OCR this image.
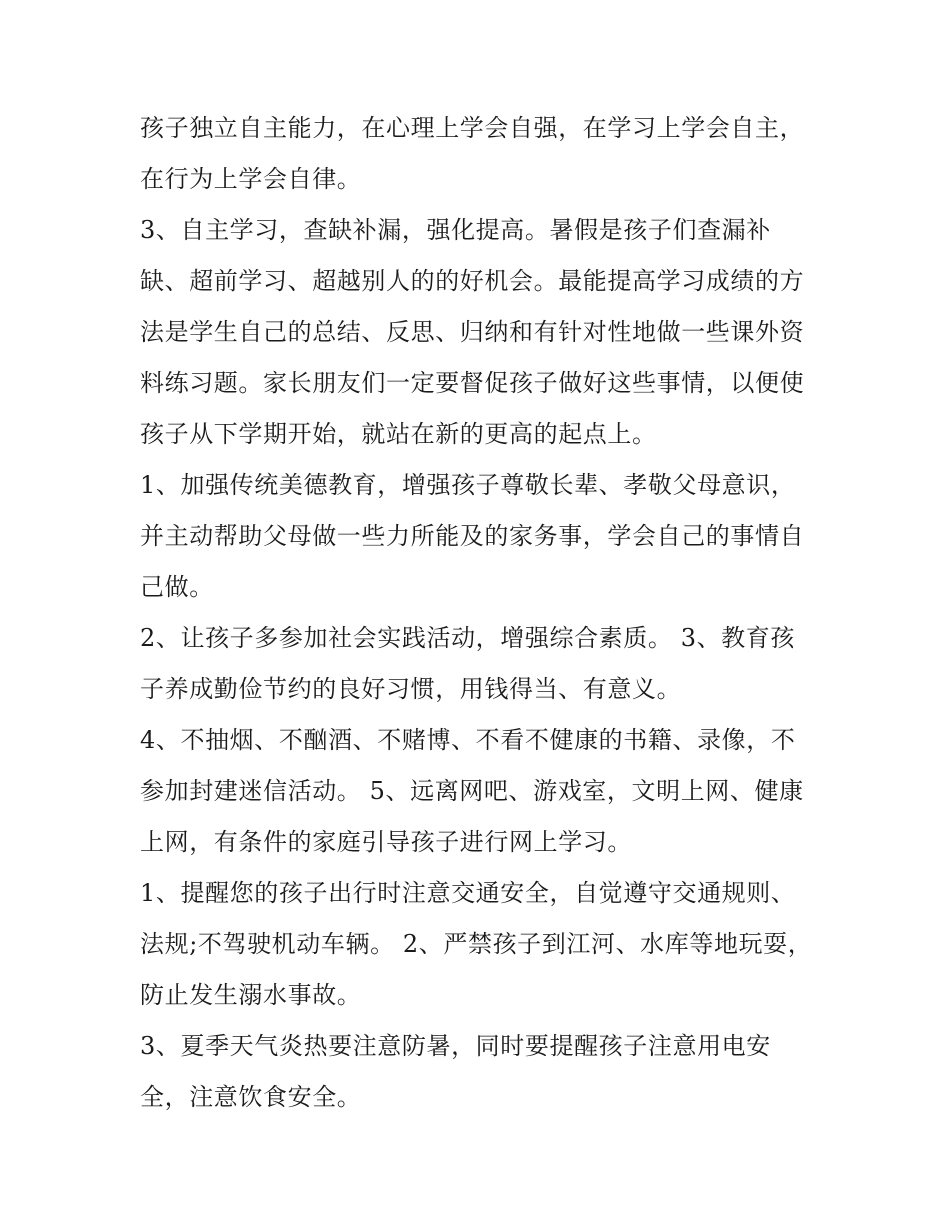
孩子独立自主能力，在心理上学会自强，在学习上学会自主，
在行为上学会自律。
3、自主学习，查缺补漏，强化提高。暑假是孩子们查漏补
缺、超前学习、超越别人的的好机会。最能提高学习成绩的方
法是学生自己的总结、反思、归纳和有针对性地做一些课外资
料练习题。家长朋友们一定要督促孩子做好这些事情，以便使
孩子从下学期开始，就站在新的更高的起点上。
1、加强传统美德教育，增强孩子尊敬长辈、孝敬父母意识，
并主动帮助父母做一些力所能及的家务事，学会自己的事情自
己做。
2、让孩子多参加社会实践活动，增强综合素质。 3、教育孩
子养成勤俭节约的良好习惯，用钱得当、有意义。
4、不抽烟、不酗酒、不赌博、不看不健康的书籍、录像，不
参加封建迷信活动。 5、远离网吧、游戏室，文明上网、健康
上网，有条件的家庭引导孩子进行网上学习。
1、提醒您的孩子出行时注意交通安全，自觉遵守交通规则、
法规;不驾驶机动车辆。 2、严禁孩子到江河、水库等地玩耍，
防止发生溺水事故。
3、夏季天气炎热要注意防暑，同时要提醒孩子注意用电安
全，注意饮食安全。
